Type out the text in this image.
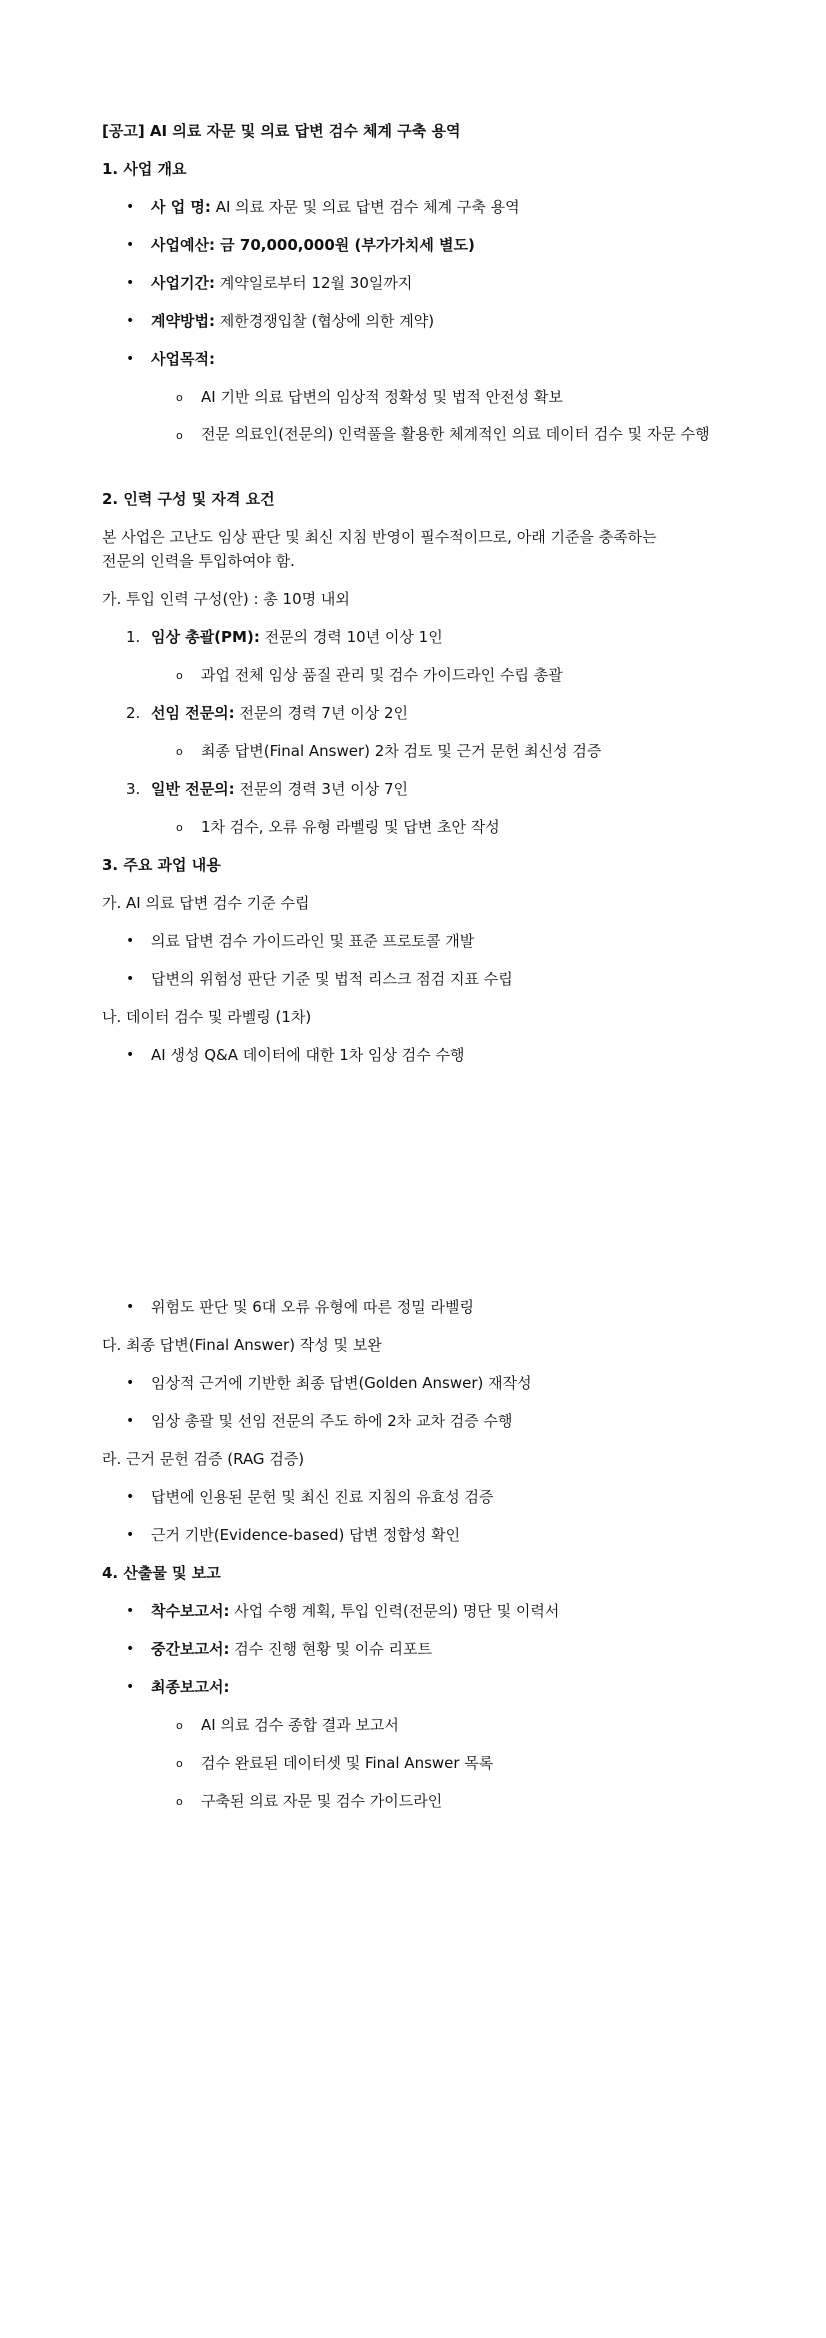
[공고] AI 의료 자문 및 의료 답변 검수 체계 구축 용역
1. 사업 개요
• 사 업 명: AI 의료 자문 및 의료 답변 검수 체계 구축 용역
• 사업예산: 금 70,000,000원 (부가가치세 별도)
• 사업기간: 계약일로부터 12월 30일까지
• 계약방법: 제한경쟁입찰 (협상에 의한 계약)
• 사업목적:
o AI 기반 의료 답변의 임상적 정확성 및 법적 안전성 확보
o 전문 의료인(전문의) 인력풀을 활용한 체계적인 의료 데이터 검수 및 자문 수행
2. 인력 구성 및 자격 요건
본 사업은 고난도 임상 판단 및 최신 지침 반영이 필수적이므로, 아래 기준을 충족하는
전문의 인력을 투입하여야 함.
가. 투입 인력 구성(안) : 총 10명 내외
1. 임상 총괄(PM): 전문의 경력 10년 이상 1인
o 과업 전체 임상 품질 관리 및 검수 가이드라인 수립 총괄
2. 선임 전문의: 전문의 경력 7년 이상 2인
o 최종 답변(Final Answer) 2차 검토 및 근거 문헌 최신성 검증
3. 일반 전문의: 전문의 경력 3년 이상 7인
o 1차 검수, 오류 유형 라벨링 및 답변 초안 작성
3. 주요 과업 내용
가. AI 의료 답변 검수 기준 수립
• 의료 답변 검수 가이드라인 및 표준 프로토콜 개발
• 답변의 위험성 판단 기준 및 법적 리스크 점검 지표 수립
나. 데이터 검수 및 라벨링 (1차)
• AI 생성 Q&A 데이터에 대한 1차 임상 검수 수행
• 위험도 판단 및 6대 오류 유형에 따른 정밀 라벨링
다. 최종 답변(Final Answer) 작성 및 보완
• 임상적 근거에 기반한 최종 답변(Golden Answer) 재작성
• 임상 총괄 및 선임 전문의 주도 하에 2차 교차 검증 수행
라. 근거 문헌 검증 (RAG 검증)
• 답변에 인용된 문헌 및 최신 진료 지침의 유효성 검증
• 근거 기반(Evidence-based) 답변 정합성 확인
4. 산출물 및 보고
• 착수보고서: 사업 수행 계획, 투입 인력(전문의) 명단 및 이력서
• 중간보고서: 검수 진행 현황 및 이슈 리포트
• 최종보고서:
o AI 의료 검수 종합 결과 보고서
o 검수 완료된 데이터셋 및 Final Answer 목록
o 구축된 의료 자문 및 검수 가이드라인
